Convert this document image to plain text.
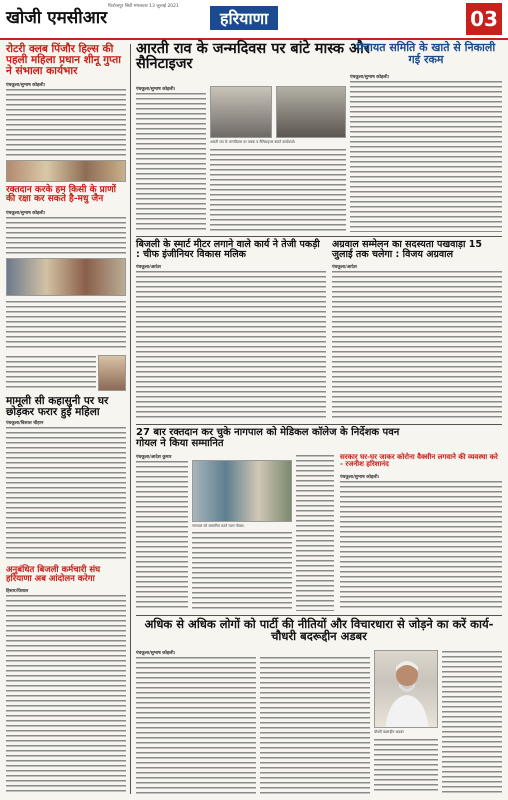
खोजी एमसीआर
फिरोजपुर सिटी मंगलवार 13 जुलाई 2021
हरियाणा	03
रोटरी क्लब पिंजौर हिल्स की पहली महिला प्रधान शीनू गुप्ता ने संभाला कार्यभार
पंचकूला/सुभाष कोहली।
रक्तदान करके हम किसी के प्राणों की रक्षा कर सकते है-मधु जैन
पंचकूला/सुभाष कोहली।
मामूली सी कहासुनी पर घर छोड़कर फरार हुई महिला
पंचकूला/विशाल चौहान
अनुबंधित बिजली कर्मचारी संघ हरियाणा अब आंदोलन करेगा
हिसार/विशाल
आरती राव के जन्मदिवस पर बांटे मास्क और सैनिटाइजर
पंचकूला/सुभाष कोहली।
आरती राव के जन्मदिवस पर मास्क व सैनिटाइजर बांटते कार्यकर्ता।
पंचायत समिति के खाते से निकाली गई रकम
पंचकूला/सुभाष कोहली।
बिजली के स्मार्ट मीटर लगाने वाले कार्य ने तेजी पकड़ी : चीफ इंजीनियर विकास मलिक
पंचकूला/आदेश
अग्रवाल सम्मेलन का सदस्यता पखवाड़ा 15 जुलाई तक चलेगा : विजय अग्रवाल
पंचकूला/आदेश
27 बार रक्तदान कर चुके नागपाल को मेडिकल कॉलेज के निर्देशक पवन गोयल ने किया सम्मानित
पंचकूला/आदेश कुमार
नागपाल को सम्मानित करते पवन गोयल।
सरकार घर-घर जाकर कोरोना वैक्सीन लगवाने की व्यवस्था करे - रजनीश हरिशानंद
पंचकूला/सुभाष कोहली।
अधिक से अधिक लोगों को पार्टी की नीतियों और विचारधारा से जोड़ने का करें कार्य-चौधरी बदरूद्दीन अडबर
पंचकूला/सुभाष कोहली।
चौधरी बदरूद्दीन अडबर
